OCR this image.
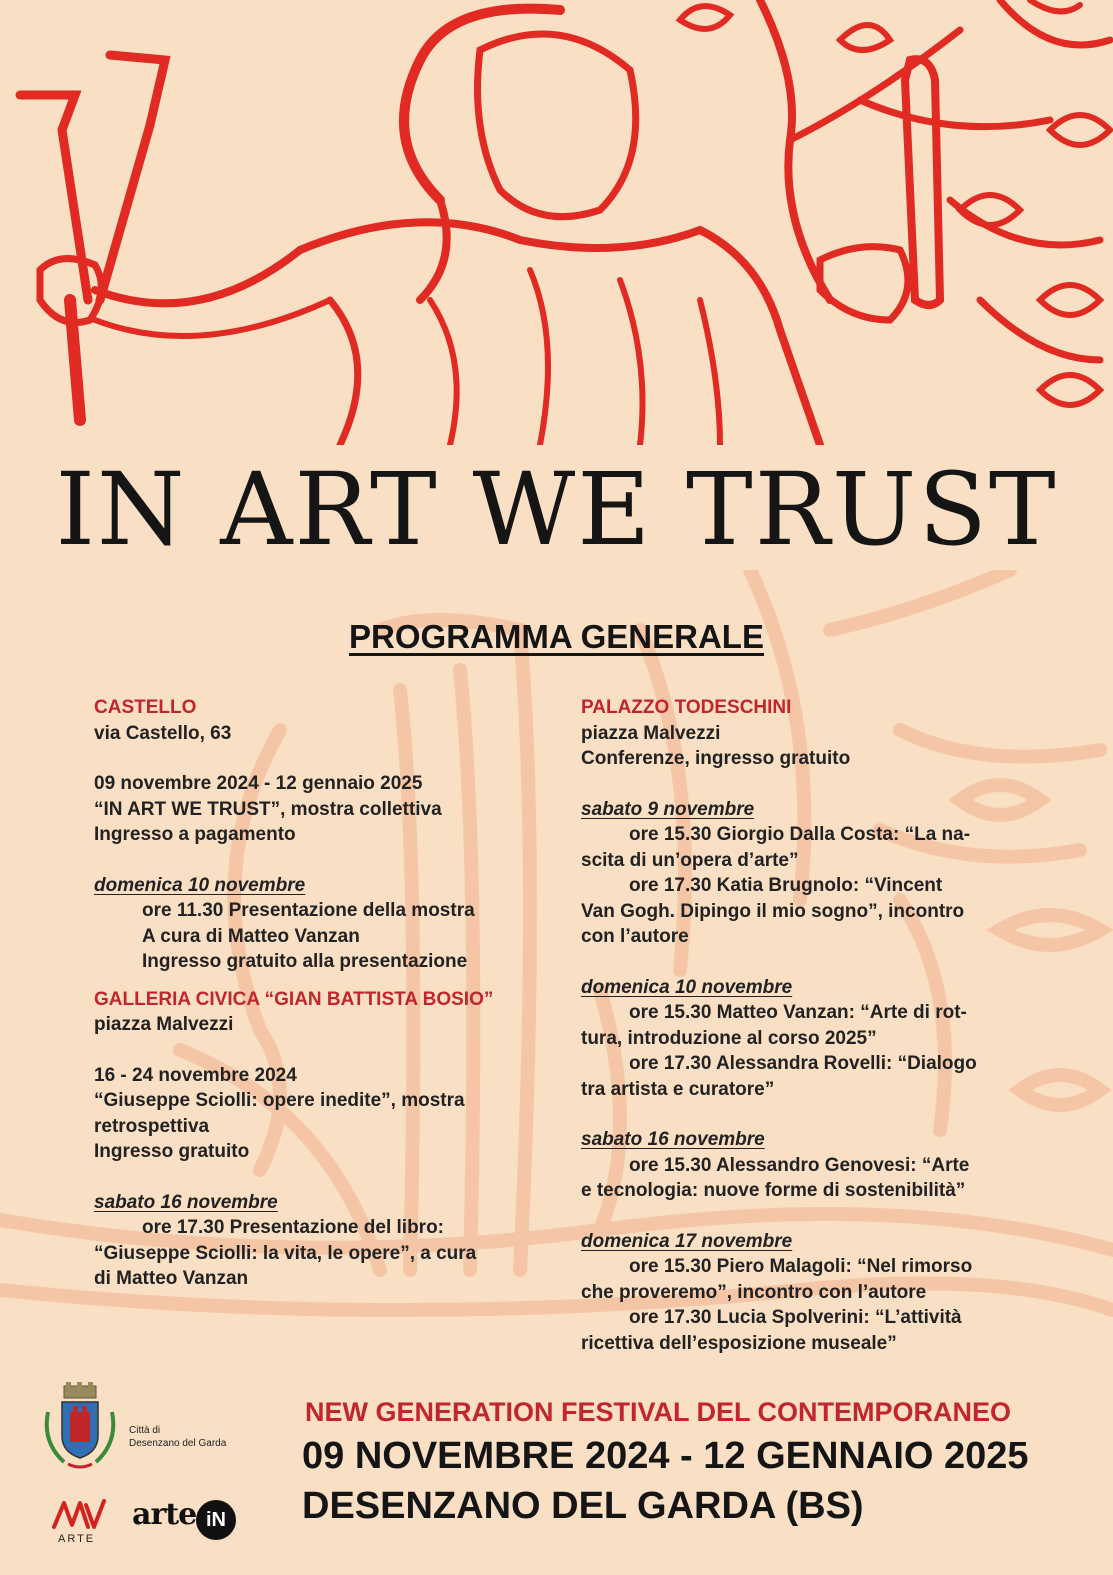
IN ART WE TRUST
PROGRAMMA GENERALE
CASTELLO
via Castello, 63
09 novembre 2024 - 12 gennaio 2025
“IN ART WE TRUST”, mostra collettiva
Ingresso a pagamento
domenica 10 novembre
ore 11.30 Presentazione della mostra
A cura di Matteo Vanzan
Ingresso gratuito alla presentazione
GALLERIA CIVICA “GIAN BATTISTA BOSIO”
piazza Malvezzi
16 - 24 novembre 2024
“Giuseppe Sciolli: opere inedite”, mostra
retrospettiva
Ingresso gratuito
sabato 16 novembre
ore 17.30 Presentazione del libro:
“Giuseppe Sciolli: la vita, le opere”, a cura
di Matteo Vanzan
PALAZZO TODESCHINI
piazza Malvezzi
Conferenze, ingresso gratuito
sabato 9 novembre
ore 15.30 Giorgio Dalla Costa: “La na-
scita di un’opera d’arte”
ore 17.30 Katia Brugnolo: “Vincent
Van Gogh. Dipingo il mio sogno”, incontro
con l’autore
domenica 10 novembre
ore 15.30 Matteo Vanzan: “Arte di rot-
tura, introduzione al corso 2025”
ore 17.30 Alessandra Rovelli: “Dialogo
tra artista e curatore”
sabato 16 novembre
ore 15.30 Alessandro Genovesi: “Arte
e tecnologia: nuove forme di sostenibilità”
domenica 17 novembre
ore 15.30 Piero Malagoli: “Nel rimorso
che proveremo”, incontro con l’autore
ore 17.30 Lucia Spolverini: “L’attività
ricettiva dell’esposizione museale”
Città di
Desenzano del Garda
ARTE
arte iN
NEW GENERATION FESTIVAL DEL CONTEMPORANEO
09 NOVEMBRE 2024 - 12 GENNAIO 2025
DESENZANO DEL GARDA (BS)
